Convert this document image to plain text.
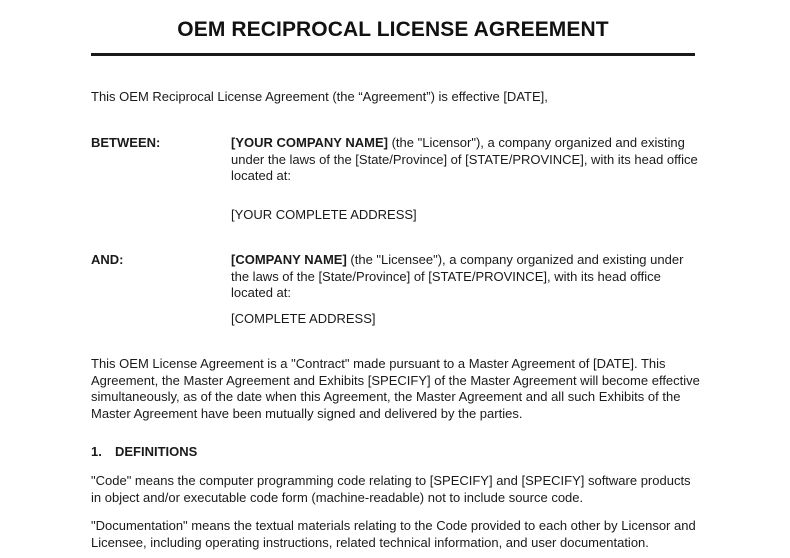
OEM RECIPROCAL LICENSE AGREEMENT
This OEM Reciprocal License Agreement (the “Agreement”) is effective [DATE],
BETWEEN:	[YOUR COMPANY NAME] (the "Licensor"), a company organized and existing
under the laws of the [State/Province] of [STATE/PROVINCE], with its head office
located at:
[YOUR COMPLETE ADDRESS]
AND:	[COMPANY NAME] (the "Licensee"), a company organized and existing under
the laws of the [State/Province] of [STATE/PROVINCE], with its head office
located at:
[COMPLETE ADDRESS]
This OEM License Agreement is a "Contract" made pursuant to a Master Agreement of [DATE]. This
Agreement, the Master Agreement and Exhibits [SPECIFY] of the Master Agreement will become effective
simultaneously, as of the date when this Agreement, the Master Agreement and all such Exhibits of the
Master Agreement have been mutually signed and delivered by the parties.
1. DEFINITIONS
"Code" means the computer programming code relating to [SPECIFY] and [SPECIFY] software products
in object and/or executable code form (machine-readable) not to include source code.
"Documentation" means the textual materials relating to the Code provided to each other by Licensor and
Licensee, including operating instructions, related technical information, and user documentation.
